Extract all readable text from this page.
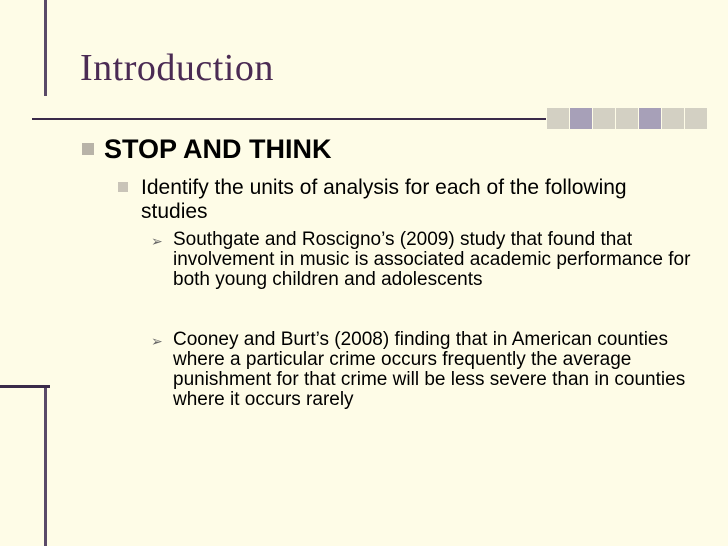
Introduction
STOP AND THINK
Identify the units of analysis for each of the following studies
➢ Southgate and Roscigno’s (2009) study that found that involvement in music is associated academic performance for both young children and adolescents
➢ Cooney and Burt’s (2008) finding that in American counties where a particular crime occurs frequently the average punishment for that crime will be less severe than in counties where it occurs rarely
